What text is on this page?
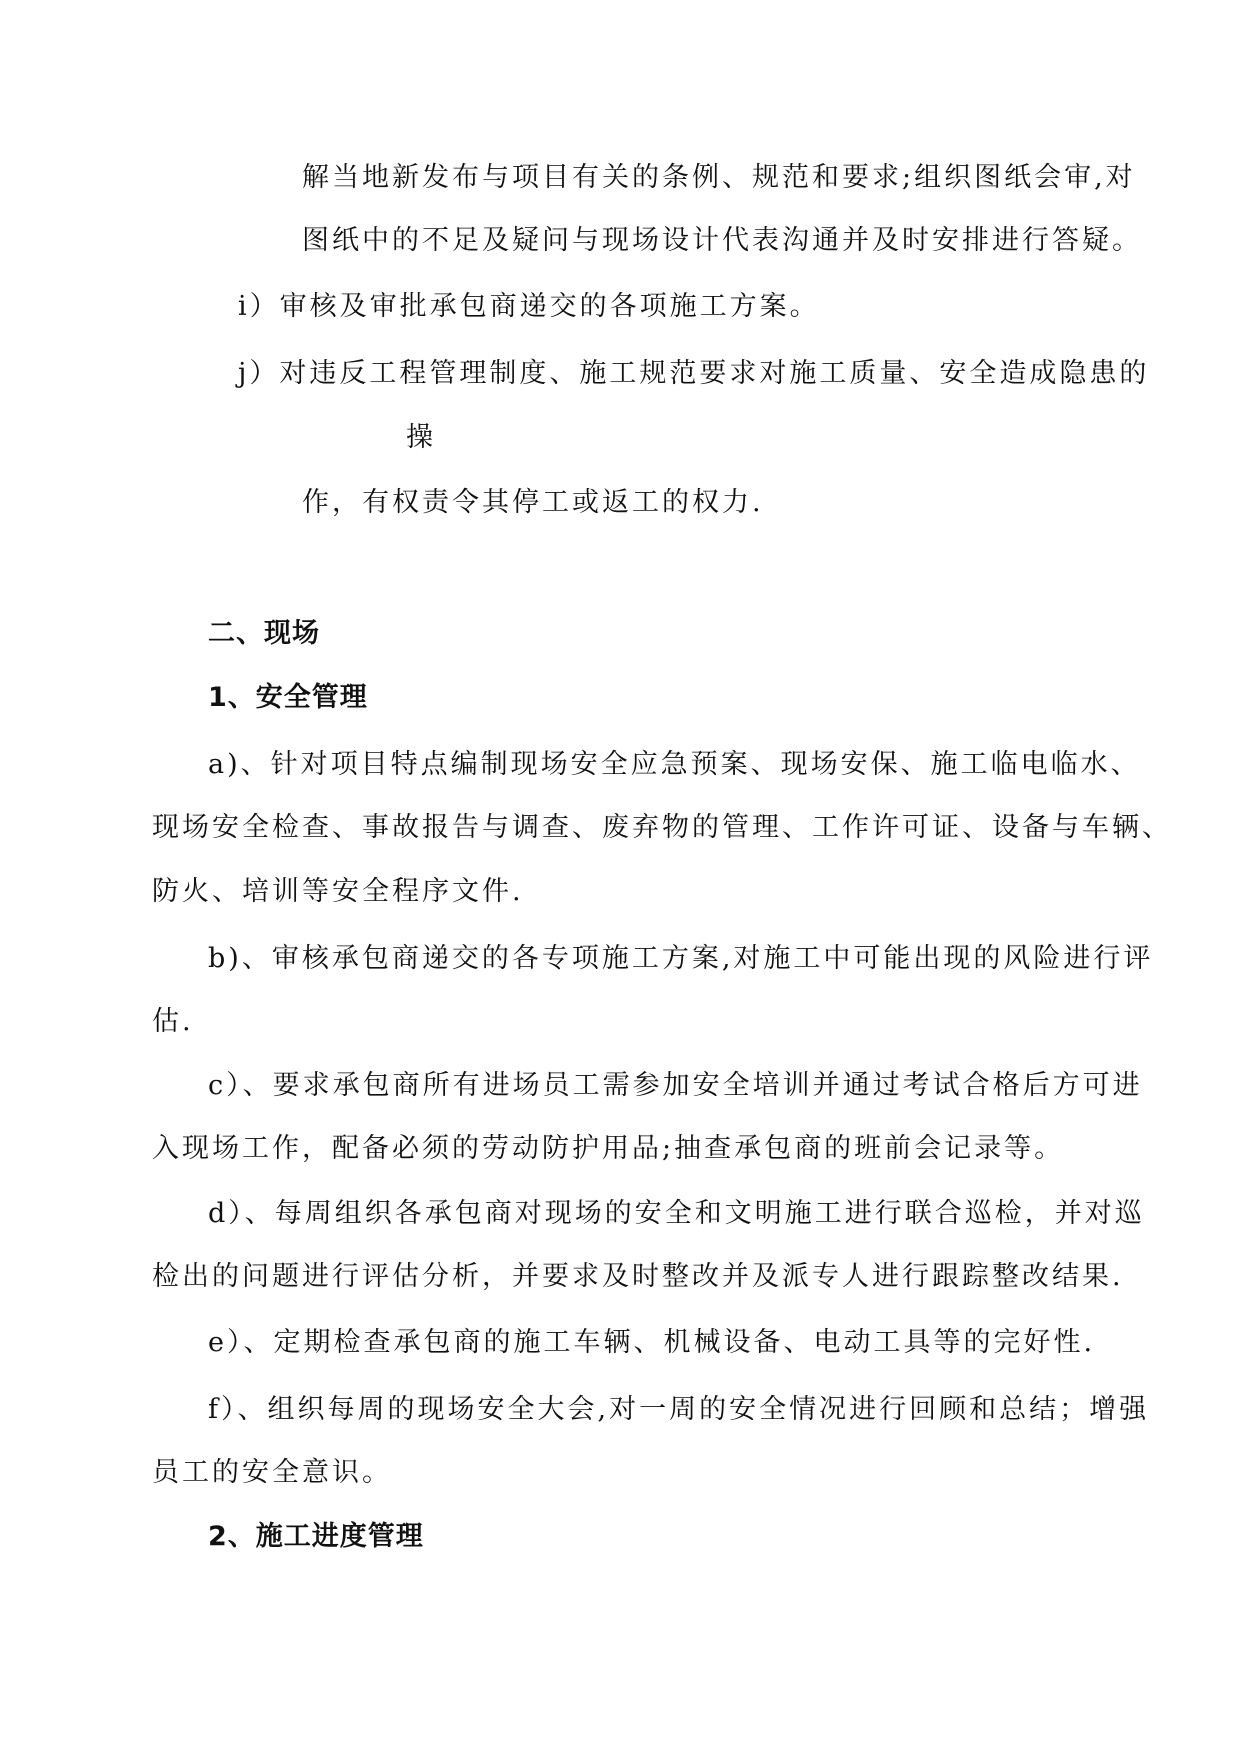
解当地新发布与项目有关的条例、规范和要求;组织图纸会审,对
图纸中的不足及疑问与现场设计代表沟通并及时安排进行答疑。
i）审核及审批承包商递交的各项施工方案。
j）对违反工程管理制度、施工规范要求对施工质量、安全造成隐患的
操
作，有权责令其停工或返工的权力.
二、现场
1、安全管理
a)、针对项目特点编制现场安全应急预案、现场安保、施工临电临水、
现场安全检查、事故报告与调查、废弃物的管理、工作许可证、设备与车辆、
防火、培训等安全程序文件.
b)、审核承包商递交的各专项施工方案,对施工中可能出现的风险进行评
估.
c）、要求承包商所有进场员工需参加安全培训并通过考试合格后方可进
入现场工作，配备必须的劳动防护用品;抽查承包商的班前会记录等。
d）、每周组织各承包商对现场的安全和文明施工进行联合巡检，并对巡
检出的问题进行评估分析，并要求及时整改并及派专人进行跟踪整改结果.
e）、定期检查承包商的施工车辆、机械设备、电动工具等的完好性.
f）、组织每周的现场安全大会,对一周的安全情况进行回顾和总结；增强
员工的安全意识。
2、施工进度管理
